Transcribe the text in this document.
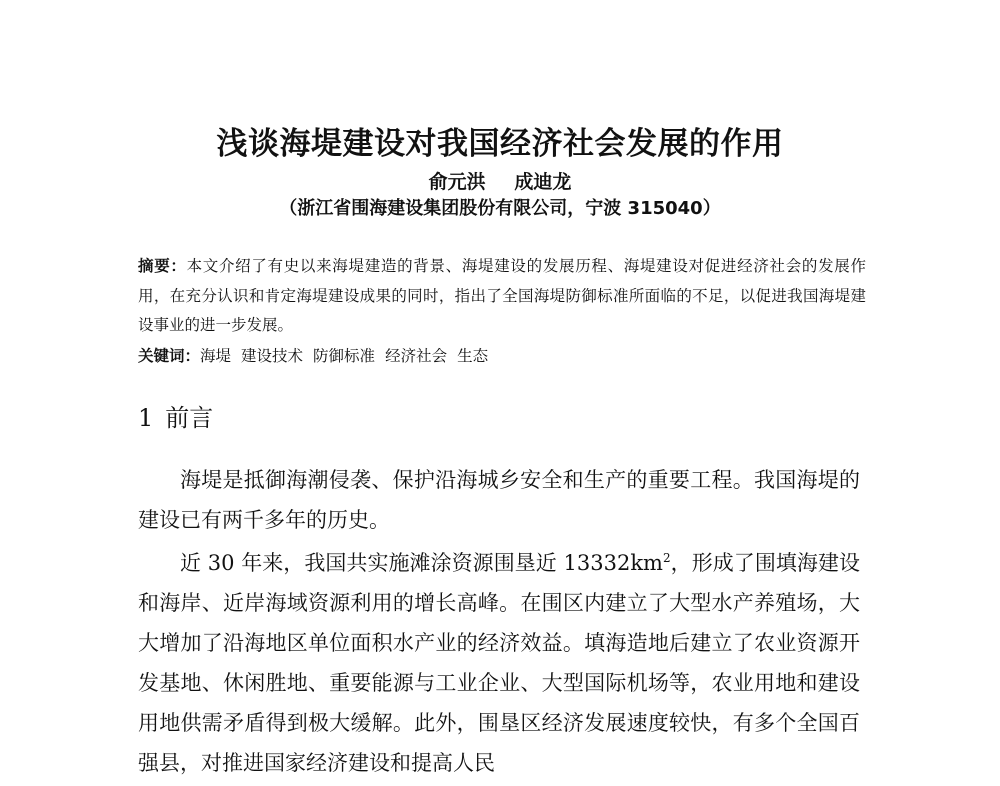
浅谈海堤建设对我国经济社会发展的作用
俞元洪 成迪龙
（浙江省围海建设集团股份有限公司，宁波 315040）
摘要：本文介绍了有史以来海堤建造的背景、海堤建设的发展历程、海堤建设对促进经济社会的发展作用，在充分认识和肯定海堤建设成果的同时，指出了全国海堤防御标准所面临的不足，以促进我国海堤建设事业的进一步发展。
关键词：海堤 建设技术 防御标准 经济社会 生态
1 前言

海堤是抵御海潮侵袭、保护沿海城乡安全和生产的重要工程。我国海堤的建设已有两千多年的历史。

近 30 年来，我国共实施滩涂资源围垦近 $13332km^2$，形成了围填海建设和海岸、近岸海域资源利用的增长高峰。在围区内建立了大型水产养殖场，大大增加了沿海地区单位面积水产业的经济效益。填海造地后建立了农业资源开发基地、休闲胜地、重要能源与工业企业、大型国际机场等，农业用地和建设用地供需矛盾得到极大缓解。此外，围垦区经济发展速度较快，有多个全国百强县，对推进国家经济建设和提高人民
